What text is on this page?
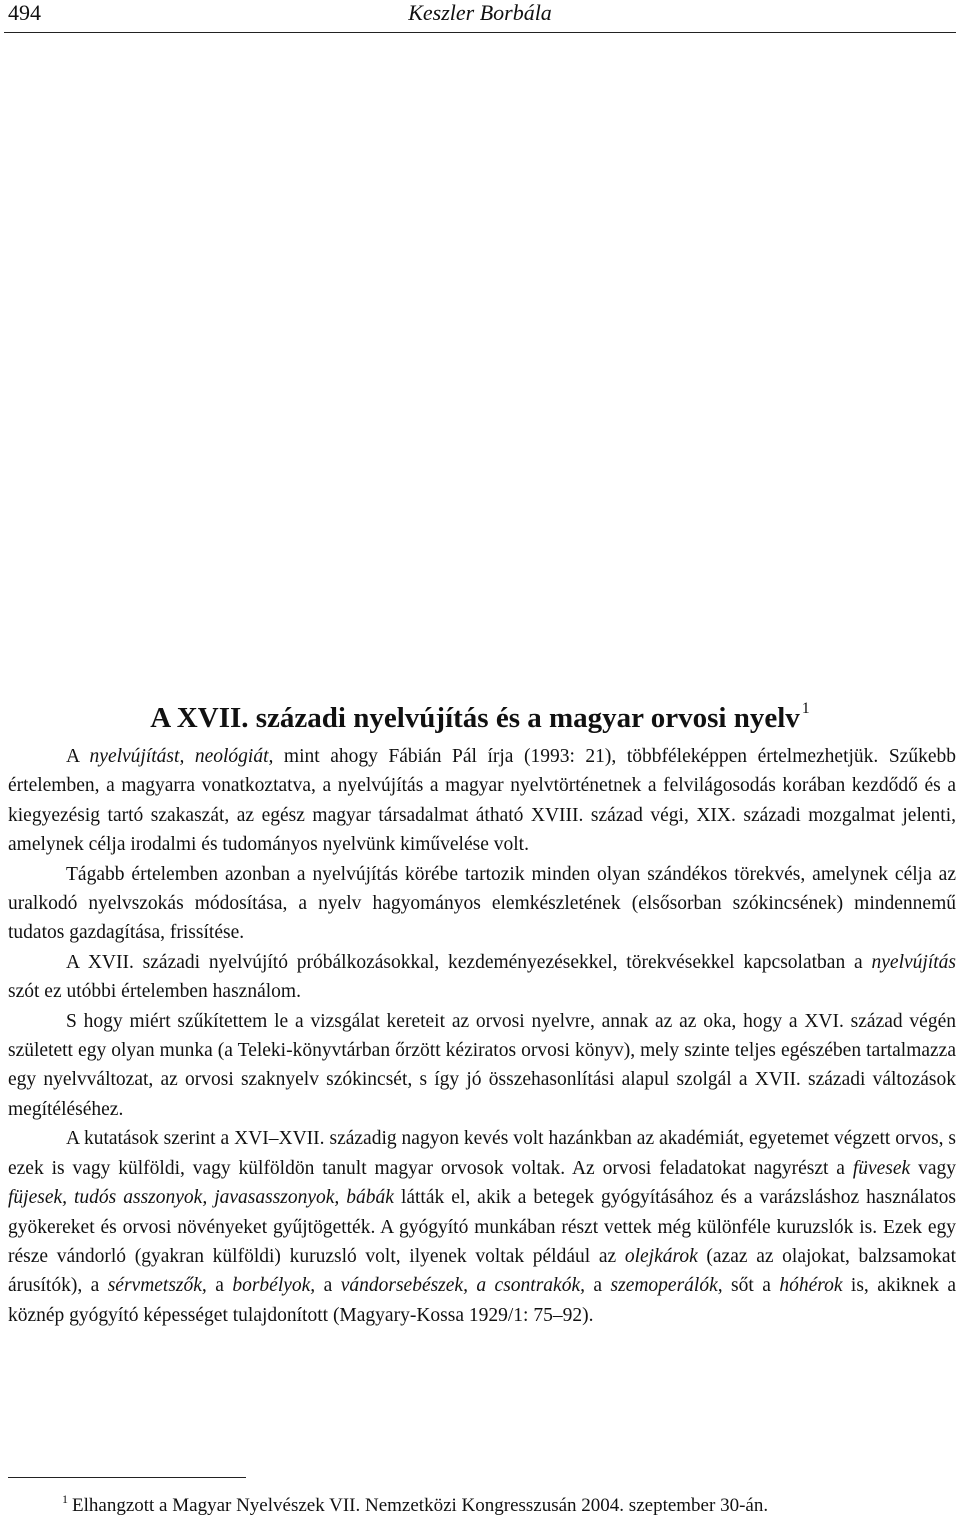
494	Keszler Borbála
A XVII. századi nyelvújítás és a magyar orvosi nyelv $^1$

A nyelvújítást, neológiát, mint ahogy Fábián Pál írja (1993: 21), többféleképpen értelmezhetjük. Szűkebb értelemben, a magyarra vonatkoztatva, a nyelvújítás a magyar nyelvtörténetnek a felvilágosodás korában kezdődő és a kiegyezésig tartó szakaszát, az egész magyar társadalmat átható XVIII. század végi, XIX. századi mozgalmat jelenti, amelynek célja irodalmi és tudományos nyelvünk kiművelése volt.

Tágabb értelemben azonban a nyelvújítás körébe tartozik minden olyan szándékos törekvés, amelynek célja az uralkodó nyelvszokás módosítása, a nyelv hagyományos elemkészletének (elsősorban szókincsének) mindennemű tudatos gazdagítása, frissítése.

A XVII. századi nyelvújító próbálkozásokkal, kezdeményezésekkel, törekvésekkel kapcsolatban a nyelvújítás szót ez utóbbi értelemben használom.

S hogy miért szűkítettem le a vizsgálat kereteit az orvosi nyelvre, annak az az oka, hogy a XVI. század végén született egy olyan munka (a Teleki-könyvtárban őrzött kéziratos orvosi könyv), mely szinte teljes egészében tartalmazza egy nyelvváltozat, az orvosi szaknyelv szókincsét, s így jó összehasonlítási alapul szolgál a XVII. századi változások megítéléséhez.

A kutatások szerint a XVI–XVII. századig nagyon kevés volt hazánkban az akadémiát, egyetemet végzett orvos, s ezek is vagy külföldi, vagy külföldön tanult magyar orvosok voltak. Az orvosi feladatokat nagyrészt a füvesek vagy füjesek, tudós asszonyok, javasasszonyok, bábák látták el, akik a betegek gyógyításához és a varázsláshoz használatos gyökereket és orvosi növényeket gyűjtögették. A gyógyító munkában részt vettek még különféle kuruzslók is. Ezek egy része vándorló (gyakran külföldi) kuruzsló volt, ilyenek voltak például az olejkárok (azaz az olajokat, balzsamokat árusítók), a sérvmetszők, a borbélyok, a vándorsebészek, a csontrakók, a szemoperálók, sőt a hóhérok is, akiknek a köznép gyógyító képességet tulajdonított (Magyary-Kossa 1929/1: 75–92).

$^1$ Elhangzott a Magyar Nyelvészek VII. Nemzetközi Kongresszusán 2004. szeptember 30-án.
